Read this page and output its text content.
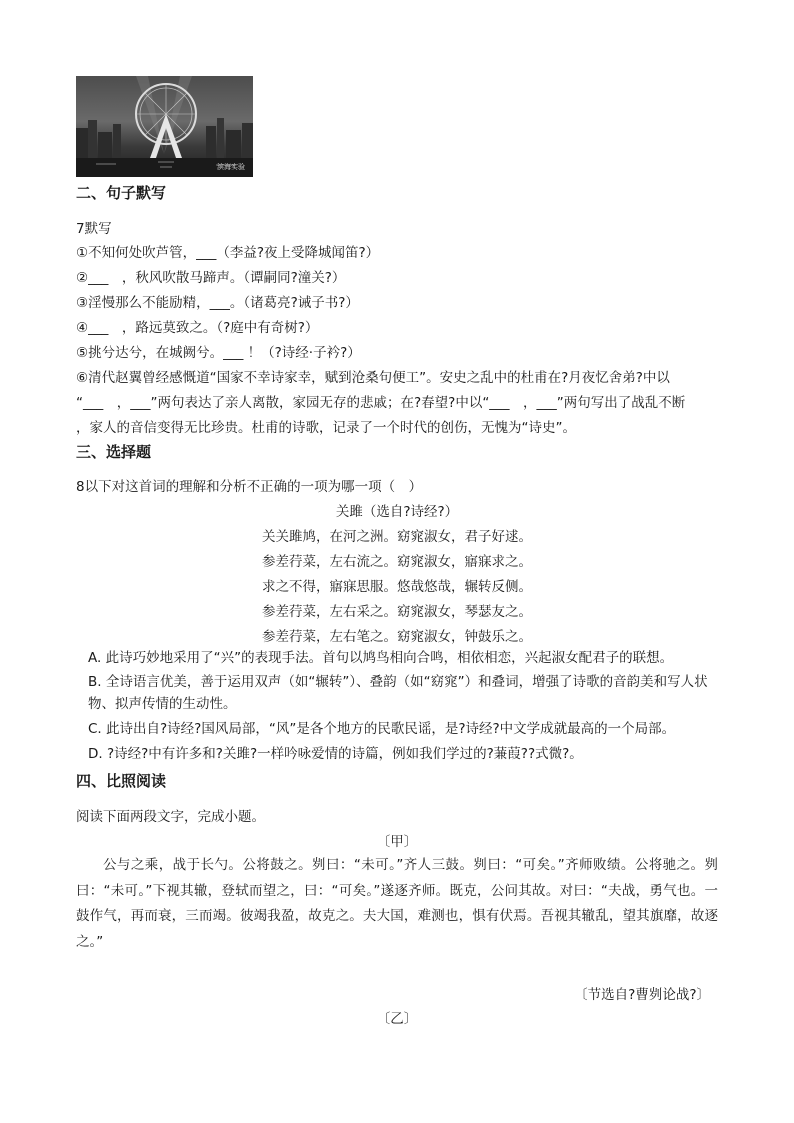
滨海实验
二、句子默写
7默写
①不知何处吹芦管，___（李益?夜上受降城闻笛?）
②___　，秋风吹散马蹄声。（谭嗣同?潼关?）
③淫慢那么不能励精，___。（诸葛亮?诫子书?）
④___　，路远莫致之。（?庭中有奇树?）
⑤挑兮达兮，在城阙兮。___ ！（?诗经·子衿?）
⑥清代赵翼曾经感慨道“国家不幸诗家幸，赋到沧桑句便工”。安史之乱中的杜甫在?月夜忆舍弟?中以
“___　，___”两句表达了亲人离散，家园无存的悲戚；在?春望?中以“___　，___”两句写出了战乱不断
，家人的音信变得无比珍贵。杜甫的诗歌，记录了一个时代的创伤，无愧为“诗史”。
三、选择题
8以下对这首词的理解和分析不正确的一项为哪一项（　）
关雎（选自?诗经?）
关关雎鸠，在河之洲。窈窕淑女，君子好逑。
参差荇菜，左右流之。窈窕淑女，寤寐求之。
求之不得，寤寐思服。悠哉悠哉，辗转反侧。
参差荇菜，左右采之。窈窕淑女，琴瑟友之。
参差荇菜，左右笔之。窈窕淑女，钟鼓乐之。
A. 此诗巧妙地采用了“兴”的表现手法。首句以鸠鸟相向合鸣，相依相恋，兴起淑女配君子的联想。
B. 全诗语言优美，善于运用双声（如“辗转”）、叠韵（如“窈窕”）和叠词，增强了诗歌的音韵美和写人状物、拟声传情的生动性。
C. 此诗出自?诗经?国风局部，“风”是各个地方的民歌民谣，是?诗经?中文学成就最高的一个局部。
D. ?诗经?中有许多和?关雎?一样吟咏爱情的诗篇，例如我们学过的?蒹葭??式微?。
四、比照阅读
阅读下面两段文字，完成小题。
〔甲〕
公与之乘，战于长勺。公将鼓之。刿曰：“未可。”齐人三鼓。刿曰：“可矣。”齐师败绩。公将驰之。刿曰：“未可。”下视其辙，登轼而望之，曰：“可矣。”遂逐齐师。既克，公问其故。对曰：“夫战，勇气也。一鼓作气，再而衰，三而竭。彼竭我盈，故克之。夫大国，难测也，惧有伏焉。吾视其辙乱，望其旗靡，故逐之。”
〔节选自?曹刿论战?〕
〔乙〕
